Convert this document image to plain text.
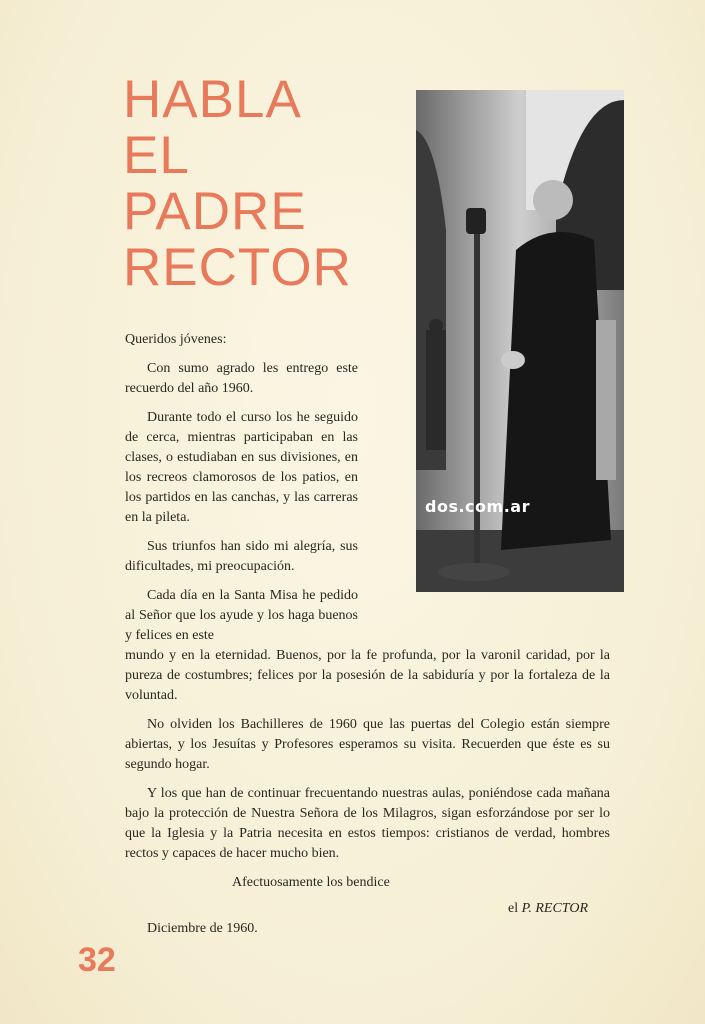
HABLA
EL
PADRE
RECTOR
dos.com.ar

Queridos jóvenes:

Con sumo agrado les entrego este recuerdo del año 1960.

Durante todo el curso los he seguido de cerca, mientras participaban en las clases, o estudiaban en sus divisiones, en los recreos clamorosos de los patios, en los partidos en las canchas, y las carreras en la pileta.

Sus triunfos han sido mi alegría, sus dificultades, mi preocupación.

Cada día en la Santa Misa he pedido al Señor que los ayude y los haga buenos y felices en este

mundo y en la eternidad. Buenos, por la fe profunda, por la varonil caridad, por la pureza de costumbres; felices por la posesión de la sabiduría y por la fortaleza de la voluntad.

No olviden los Bachilleres de 1960 que las puertas del Colegio están siempre abiertas, y los Jesuítas y Profesores esperamos su visita. Recuerden que éste es su segundo hogar.

Y los que han de continuar frecuentando nuestras aulas, poniéndose cada mañana bajo la protección de Nuestra Señora de los Milagros, sigan esforzándose por ser lo que la Iglesia y la Patria necesita en estos tiempos: cristianos de verdad, hombres rectos y capaces de hacer mucho bien.

Afectuosamente los bendice
el P. RECTOR
Diciembre de 1960.
32
